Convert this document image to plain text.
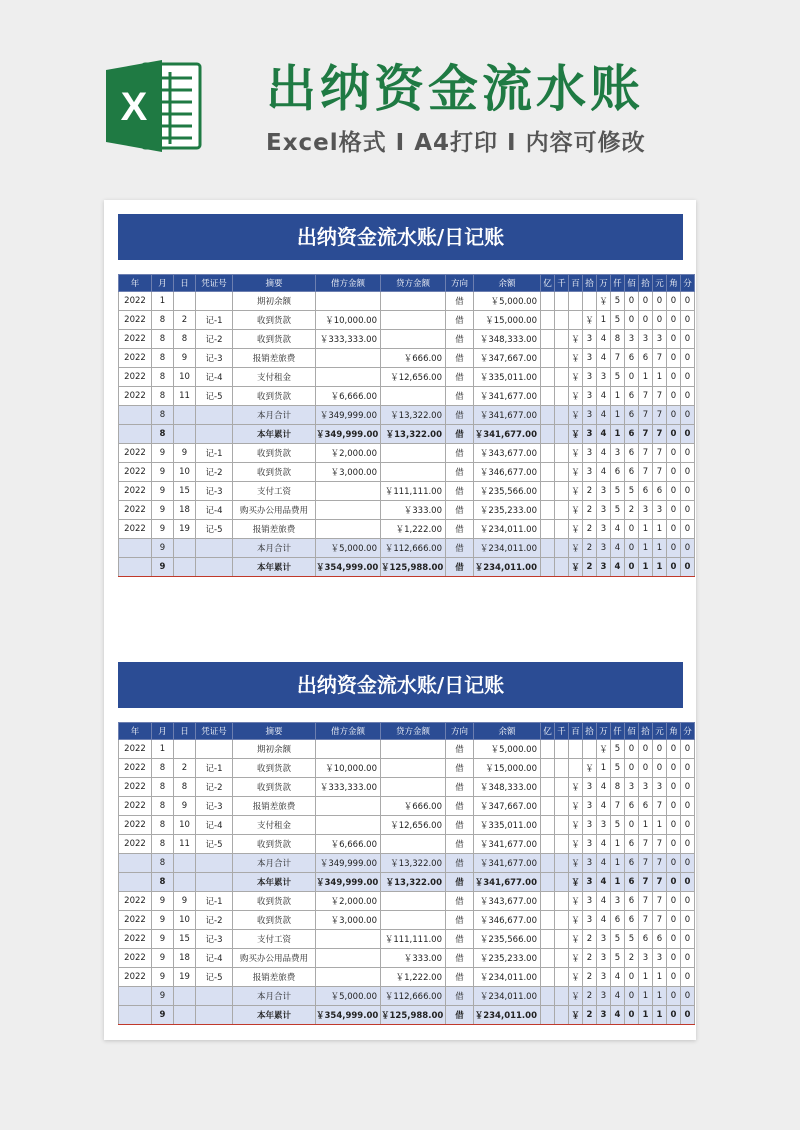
X 出纳资金流水账
Excel格式 Ⅰ A4打印 Ⅰ 内容可修改
出纳资金流水账/日记账
年	月	日	凭证号	摘要	借方金额	贷方金额	方向	余额	亿	千	百	拾	万	仟	佰	拾	元	角	分
2022	1			期初余额			借	￥5,000.00					￥	5	0	0	0	0	0
2022	8	2	记-1	收到货款	￥10,000.00		借	￥15,000.00				￥	1	5	0	0	0	0	0
2022	8	8	记-2	收到货款	￥333,333.00		借	￥348,333.00			￥	3	4	8	3	3	3	0	0
2022	8	9	记-3	报销差旅费		￥666.00	借	￥347,667.00			￥	3	4	7	6	6	7	0	0
2022	8	10	记-4	支付租金		￥12,656.00	借	￥335,011.00			￥	3	3	5	0	1	1	0	0
2022	8	11	记-5	收到货款	￥6,666.00		借	￥341,677.00			￥	3	4	1	6	7	7	0	0
	8			本月合计	￥349,999.00	￥13,322.00	借	￥341,677.00			￥	3	4	1	6	7	7	0	0
	8			本年累计	￥349,999.00	￥13,322.00	借	￥341,677.00			￥	3	4	1	6	7	7	0	0
2022	9	9	记-1	收到货款	￥2,000.00		借	￥343,677.00			￥	3	4	3	6	7	7	0	0
2022	9	10	记-2	收到货款	￥3,000.00		借	￥346,677.00			￥	3	4	6	6	7	7	0	0
2022	9	15	记-3	支付工资		￥111,111.00	借	￥235,566.00			￥	2	3	5	5	6	6	0	0
2022	9	18	记-4	购买办公用品费用		￥333.00	借	￥235,233.00			￥	2	3	5	2	3	3	0	0
2022	9	19	记-5	报销差旅费		￥1,222.00	借	￥234,011.00			￥	2	3	4	0	1	1	0	0
	9			本月合计	￥5,000.00	￥112,666.00	借	￥234,011.00			￥	2	3	4	0	1	1	0	0
	9			本年累计	￥354,999.00	￥125,988.00	借	￥234,011.00			￥	2	3	4	0	1	1	0	0
出纳资金流水账/日记账
年	月	日	凭证号	摘要	借方金额	贷方金额	方向	余额	亿	千	百	拾	万	仟	佰	拾	元	角	分
2022	1			期初余额			借	￥5,000.00					￥	5	0	0	0	0	0
2022	8	2	记-1	收到货款	￥10,000.00		借	￥15,000.00				￥	1	5	0	0	0	0	0
2022	8	8	记-2	收到货款	￥333,333.00		借	￥348,333.00			￥	3	4	8	3	3	3	0	0
2022	8	9	记-3	报销差旅费		￥666.00	借	￥347,667.00			￥	3	4	7	6	6	7	0	0
2022	8	10	记-4	支付租金		￥12,656.00	借	￥335,011.00			￥	3	3	5	0	1	1	0	0
2022	8	11	记-5	收到货款	￥6,666.00		借	￥341,677.00			￥	3	4	1	6	7	7	0	0
	8			本月合计	￥349,999.00	￥13,322.00	借	￥341,677.00			￥	3	4	1	6	7	7	0	0
	8			本年累计	￥349,999.00	￥13,322.00	借	￥341,677.00			￥	3	4	1	6	7	7	0	0
2022	9	9	记-1	收到货款	￥2,000.00		借	￥343,677.00			￥	3	4	3	6	7	7	0	0
2022	9	10	记-2	收到货款	￥3,000.00		借	￥346,677.00			￥	3	4	6	6	7	7	0	0
2022	9	15	记-3	支付工资		￥111,111.00	借	￥235,566.00			￥	2	3	5	5	6	6	0	0
2022	9	18	记-4	购买办公用品费用		￥333.00	借	￥235,233.00			￥	2	3	5	2	3	3	0	0
2022	9	19	记-5	报销差旅费		￥1,222.00	借	￥234,011.00			￥	2	3	4	0	1	1	0	0
	9			本月合计	￥5,000.00	￥112,666.00	借	￥234,011.00			￥	2	3	4	0	1	1	0	0
	9			本年累计	￥354,999.00	￥125,988.00	借	￥234,011.00			￥	2	3	4	0	1	1	0	0
